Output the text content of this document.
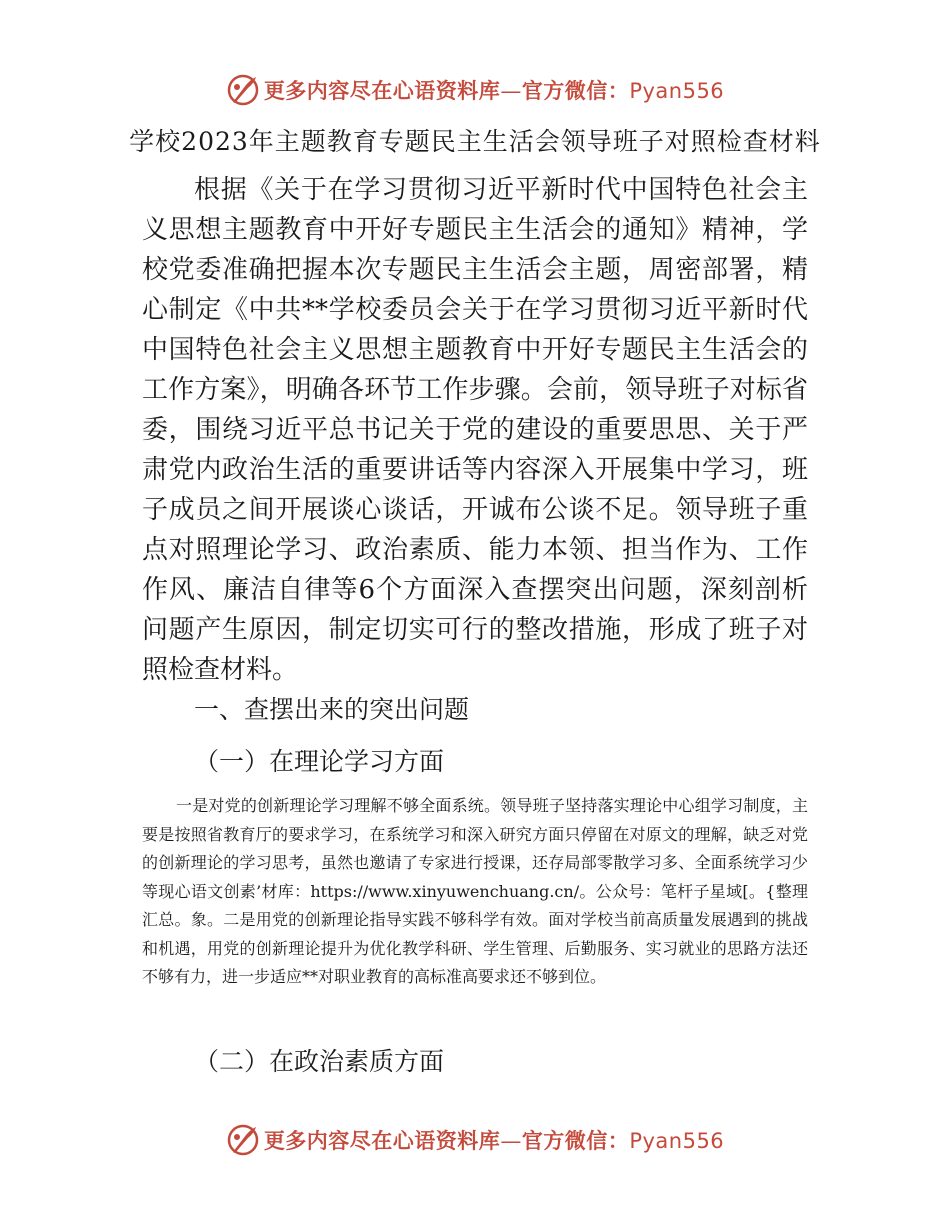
更多内容尽在心语资料库—官方微信：Pyan556
学校2023年主题教育专题民主生活会领导班子对照检查材料

根据《关于在学习贯彻习近平新时代中国特色社会主义思想主题教育中开好专题民主生活会的通知》精神，学校党委准确把握本次专题民主生活会主题，周密部署，精心制定《中共**学校委员会关于在学习贯彻习近平新时代中国特色社会主义思想主题教育中开好专题民主生活会的工作方案》，明确各环节工作步骤。会前，领导班子对标省委，围绕习近平总书记关于党的建设的重要思思、关于严肃党内政治生活的重要讲话等内容深入开展集中学习，班子成员之间开展谈心谈话，开诚布公谈不足。领导班子重点对照理论学习、政治素质、能力本领、担当作为、工作作风、廉洁自律等6个方面深入查摆突出问题，深刻剖析问题产生原因，制定切实可行的整改措施，形成了班子对照检查材料。

一、查摆出来的突出问题

（一）在理论学习方面

一是对党的创新理论学习理解不够全面系统。领导班子坚持落实理论中心组学习制度，主要是按照省教育厅的要求学习，在系统学习和深入研究方面只停留在对原文的理解，缺乏对党的创新理论的学习思考，虽然也邀请了专家进行授课，还存局部零散学习多、全面系统学习少等现心语文创素’材库：https://www.xinyuwenchuang.cn/。公众号：笔杆子星域[。{整理汇总。象。二是用党的创新理论指导实践不够科学有效。面对学校当前高质量发展遇到的挑战和机遇，用党的创新理论提升为优化教学科研、学生管理、后勤服务、实习就业的思路方法还不够有力，进一步适应**对职业教育的高标准高要求还不够到位。

（二）在政治素质方面

更多内容尽在心语资料库—官方微信：Pyan556
